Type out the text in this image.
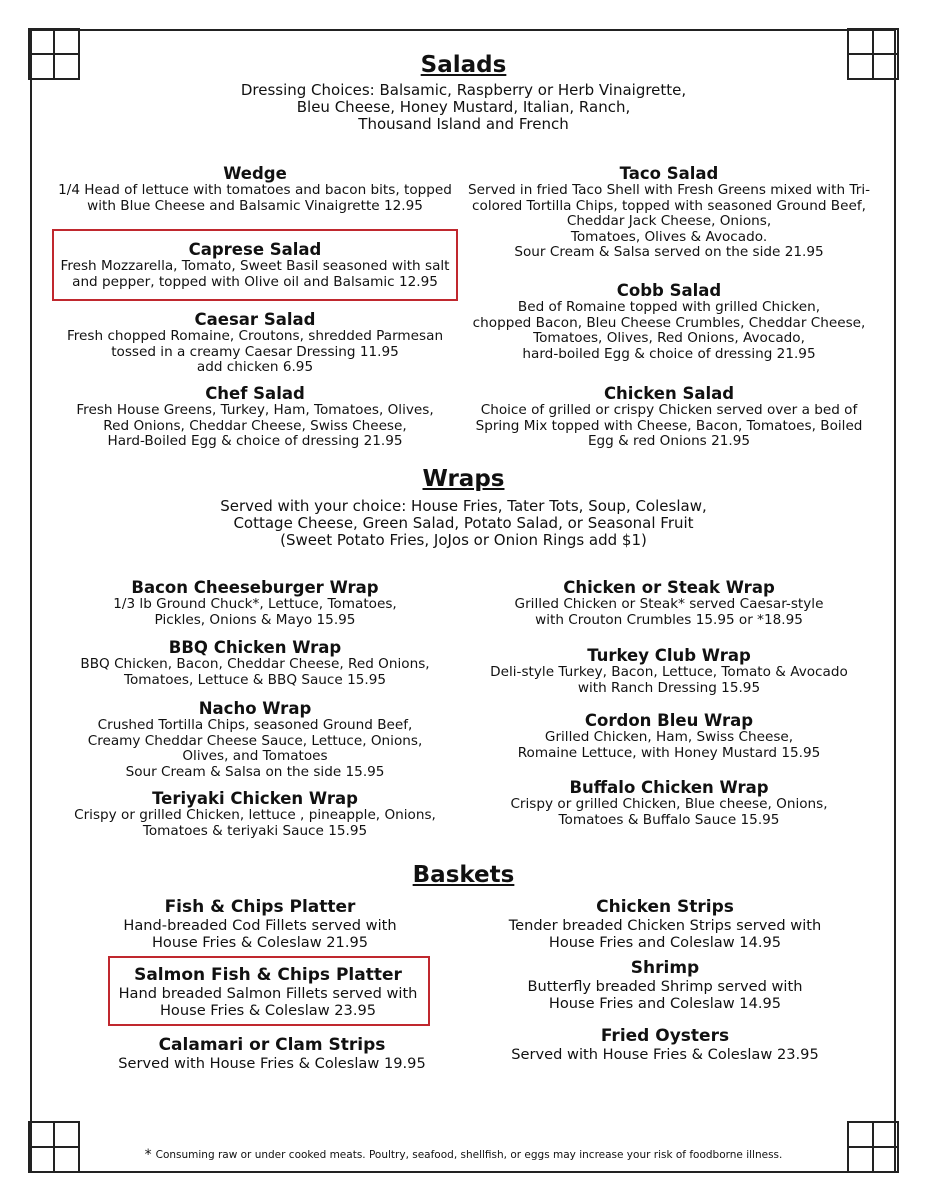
Salads
Dressing Choices: Balsamic, Raspberry or Herb Vinaigrette,
Bleu Cheese, Honey Mustard, Italian, Ranch,
Thousand Island and French
Wedge
1/4 Head of lettuce with tomatoes and bacon bits, topped
with Blue Cheese and Balsamic Vinaigrette 12.95
Caprese Salad
Fresh Mozzarella, Tomato, Sweet Basil seasoned with salt
and pepper, topped with Olive oil and Balsamic 12.95
Caesar Salad
Fresh chopped Romaine, Croutons, shredded Parmesan
tossed in a creamy Caesar Dressing 11.95
add chicken 6.95
Chef Salad
Fresh House Greens, Turkey, Ham, Tomatoes, Olives,
Red Onions, Cheddar Cheese, Swiss Cheese,
Hard-Boiled Egg & choice of dressing 21.95
Taco Salad
Served in fried Taco Shell with Fresh Greens mixed with Tri-
colored Tortilla Chips, topped with seasoned Ground Beef,
Cheddar Jack Cheese, Onions,
Tomatoes, Olives & Avocado.
Sour Cream & Salsa served on the side 21.95
Cobb Salad
Bed of Romaine topped with grilled Chicken,
chopped Bacon, Bleu Cheese Crumbles, Cheddar Cheese,
Tomatoes, Olives, Red Onions, Avocado,
hard-boiled Egg & choice of dressing 21.95
Chicken Salad
Choice of grilled or crispy Chicken served over a bed of
Spring Mix topped with Cheese, Bacon, Tomatoes, Boiled
Egg & red Onions 21.95
Wraps
Served with your choice: House Fries, Tater Tots, Soup, Coleslaw,
Cottage Cheese, Green Salad, Potato Salad, or Seasonal Fruit
(Sweet Potato Fries, JoJos or Onion Rings add $1)
Bacon Cheeseburger Wrap
1/3 lb Ground Chuck*, Lettuce, Tomatoes,
Pickles, Onions & Mayo 15.95
BBQ Chicken Wrap
BBQ Chicken, Bacon, Cheddar Cheese, Red Onions,
Tomatoes, Lettuce & BBQ Sauce 15.95
Nacho Wrap
Crushed Tortilla Chips, seasoned Ground Beef,
Creamy Cheddar Cheese Sauce, Lettuce, Onions,
Olives, and Tomatoes
Sour Cream & Salsa on the side 15.95
Teriyaki Chicken Wrap
Crispy or grilled Chicken, lettuce , pineapple, Onions,
Tomatoes & teriyaki Sauce 15.95
Chicken or Steak Wrap
Grilled Chicken or Steak* served Caesar-style
with Crouton Crumbles 15.95 or *18.95
Turkey Club Wrap
Deli-style Turkey, Bacon, Lettuce, Tomato & Avocado
with Ranch Dressing 15.95
Cordon Bleu Wrap
Grilled Chicken, Ham, Swiss Cheese,
Romaine Lettuce, with Honey Mustard 15.95
Buffalo Chicken Wrap
Crispy or grilled Chicken, Blue cheese, Onions,
Tomatoes & Buffalo Sauce 15.95
Baskets
Fish & Chips Platter
Hand-breaded Cod Fillets served with
House Fries & Coleslaw 21.95
Salmon Fish & Chips Platter
Hand breaded Salmon Fillets served with
House Fries & Coleslaw 23.95
Calamari or Clam Strips
Served with House Fries & Coleslaw 19.95
Chicken Strips
Tender breaded Chicken Strips served with
House Fries and Coleslaw 14.95
Shrimp
Butterfly breaded Shrimp served with
House Fries and Coleslaw 14.95
Fried Oysters
Served with House Fries & Coleslaw 23.95
* Consuming raw or under cooked meats. Poultry, seafood, shellfish, or eggs may increase your risk of foodborne illness.
